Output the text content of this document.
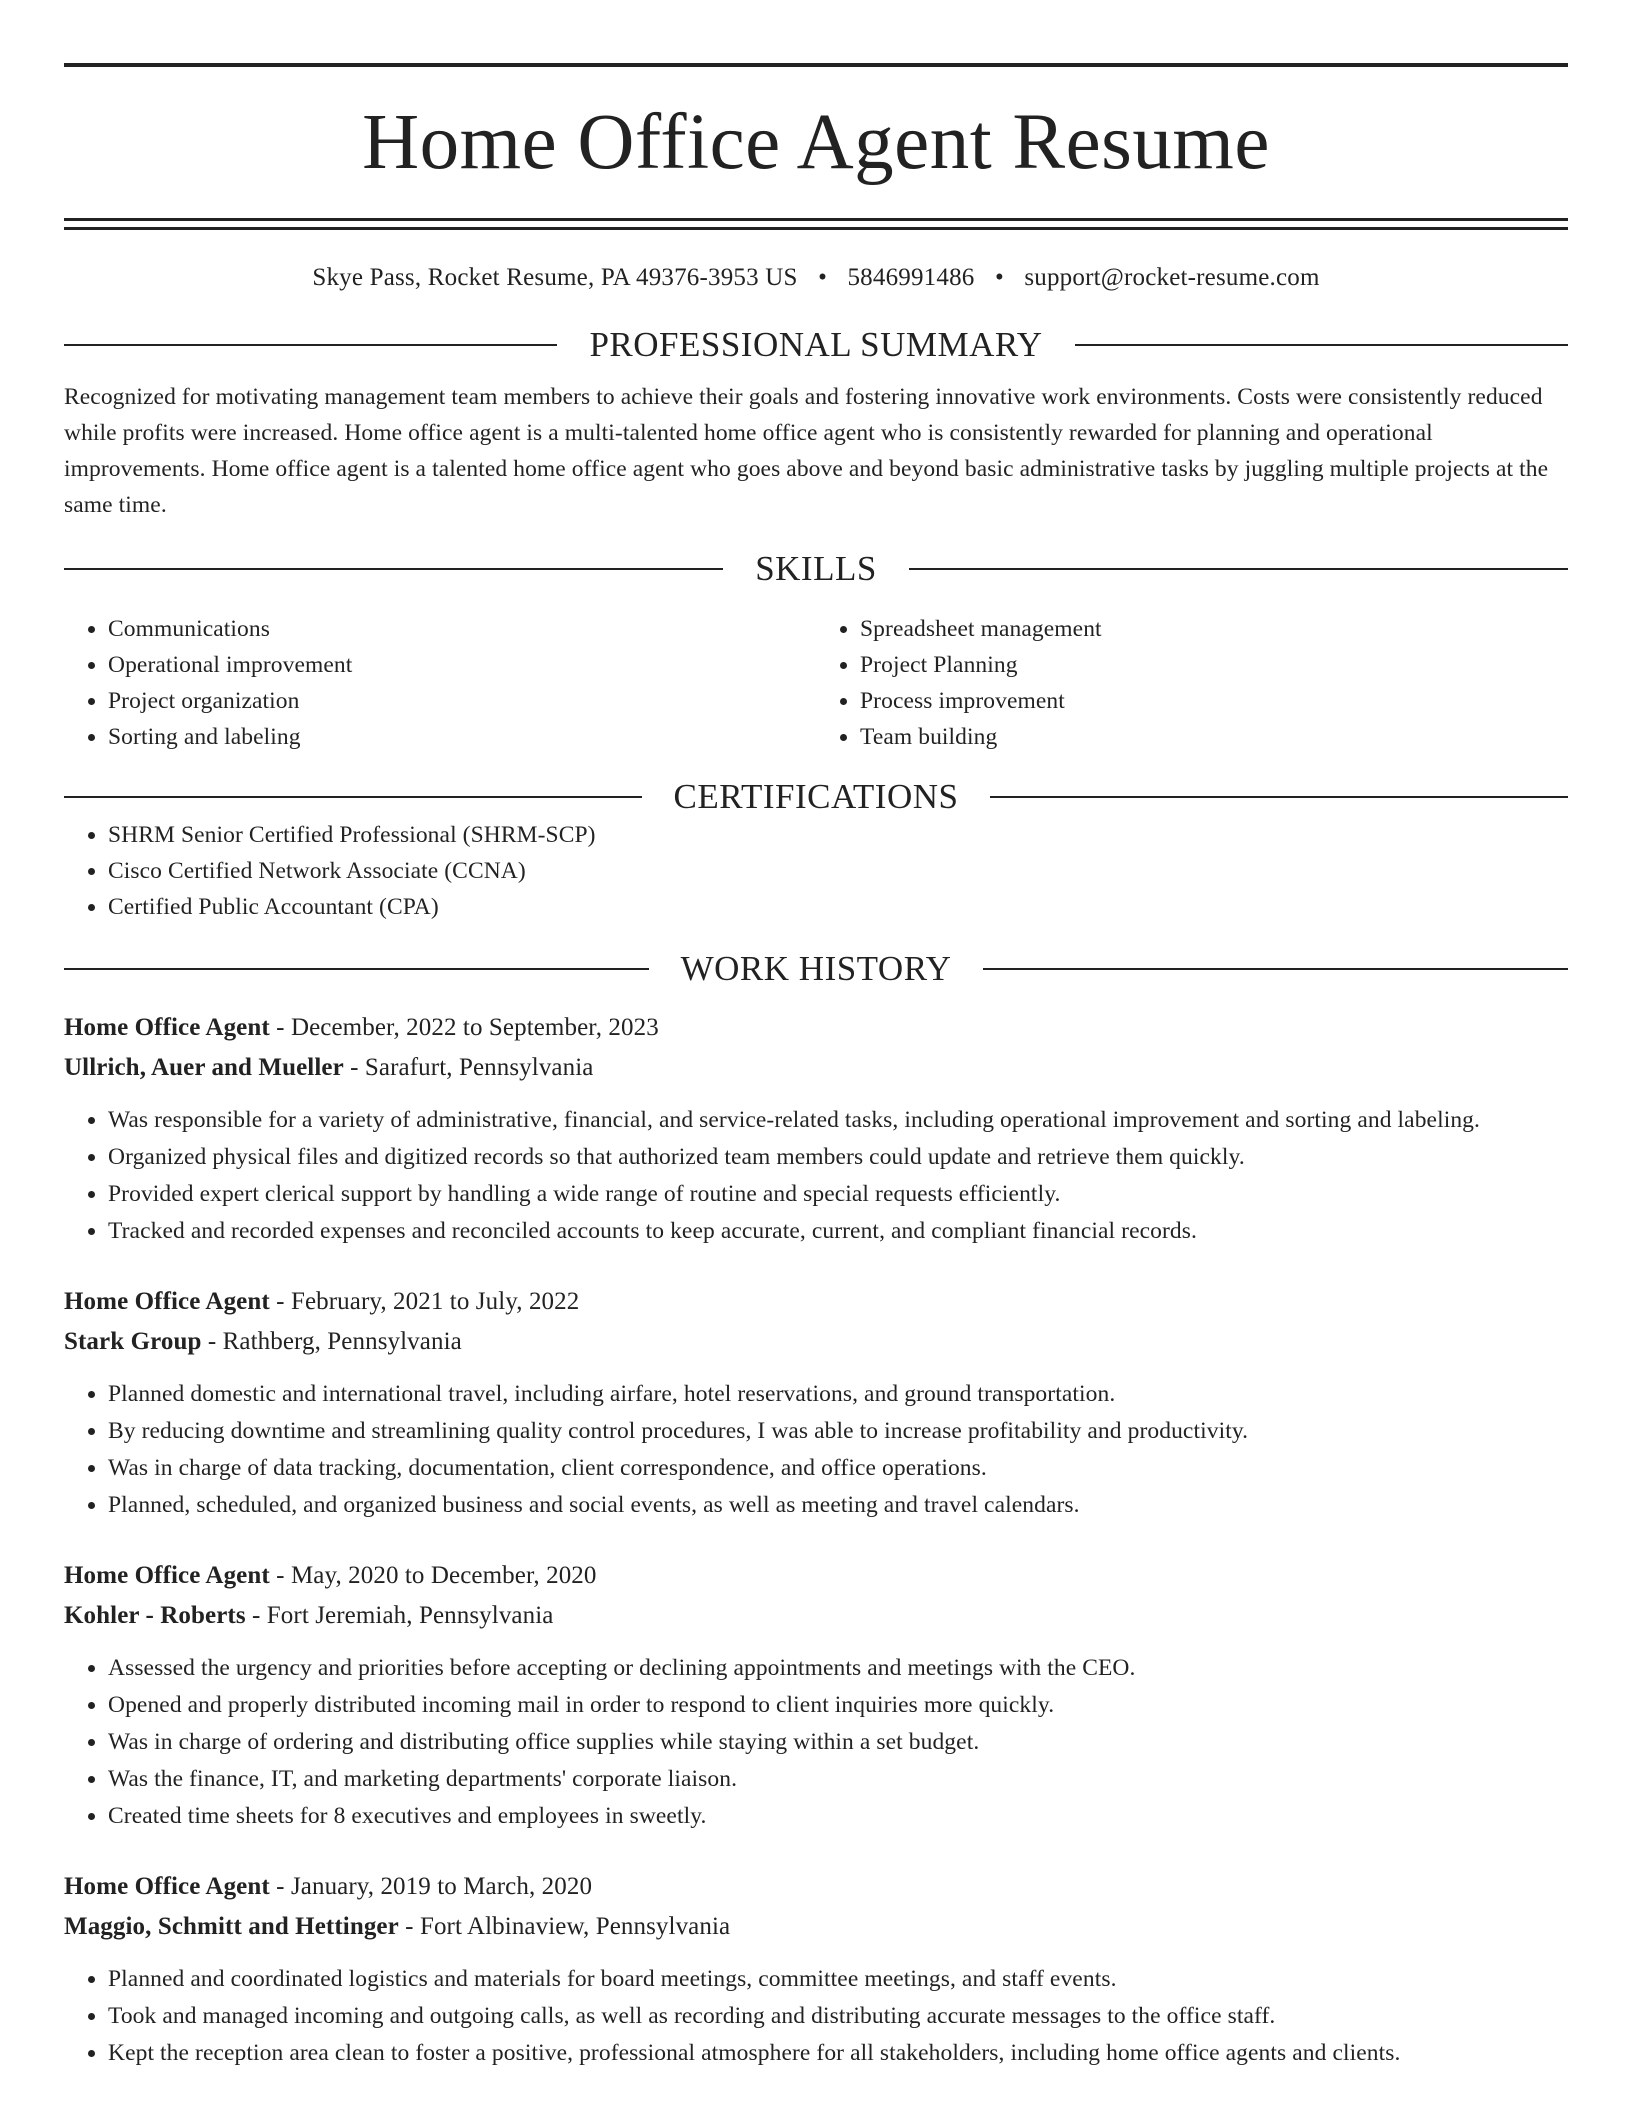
Home Office Agent Resume
Skye Pass, Rocket Resume, PA 49376-3953 US • 5846991486 • support@rocket-resume.com
PROFESSIONAL SUMMARY

Recognized for motivating management team members to achieve their goals and fostering innovative work environments. Costs were consistently reduced while profits were increased. Home office agent is a multi-talented home office agent who is consistently rewarded for planning and operational improvements. Home office agent is a talented home office agent who goes above and beyond basic administrative tasks by juggling multiple projects at the same time.

SKILLS
• Communications
• Operational improvement
• Project organization
• Sorting and labeling
• Spreadsheet management
• Project Planning
• Process improvement
• Team building
CERTIFICATIONS
• SHRM Senior Certified Professional (SHRM-SCP)
• Cisco Certified Network Associate (CCNA)
• Certified Public Accountant (CPA)
WORK HISTORY
Home Office Agent - December, 2022 to September, 2023
Ullrich, Auer and Mueller - Sarafurt, Pennsylvania
• Was responsible for a variety of administrative, financial, and service-related tasks, including operational improvement and sorting and labeling.
• Organized physical files and digitized records so that authorized team members could update and retrieve them quickly.
• Provided expert clerical support by handling a wide range of routine and special requests efficiently.
• Tracked and recorded expenses and reconciled accounts to keep accurate, current, and compliant financial records.
Home Office Agent - February, 2021 to July, 2022
Stark Group - Rathberg, Pennsylvania
• Planned domestic and international travel, including airfare, hotel reservations, and ground transportation.
• By reducing downtime and streamlining quality control procedures, I was able to increase profitability and productivity.
• Was in charge of data tracking, documentation, client correspondence, and office operations.
• Planned, scheduled, and organized business and social events, as well as meeting and travel calendars.
Home Office Agent - May, 2020 to December, 2020
Kohler - Roberts - Fort Jeremiah, Pennsylvania
• Assessed the urgency and priorities before accepting or declining appointments and meetings with the CEO.
• Opened and properly distributed incoming mail in order to respond to client inquiries more quickly.
• Was in charge of ordering and distributing office supplies while staying within a set budget.
• Was the finance, IT, and marketing departments' corporate liaison.
• Created time sheets for 8 executives and employees in sweetly.
Home Office Agent - January, 2019 to March, 2020
Maggio, Schmitt and Hettinger - Fort Albinaview, Pennsylvania
• Planned and coordinated logistics and materials for board meetings, committee meetings, and staff events.
• Took and managed incoming and outgoing calls, as well as recording and distributing accurate messages to the office staff.
• Kept the reception area clean to foster a positive, professional atmosphere for all stakeholders, including home office agents and clients.
